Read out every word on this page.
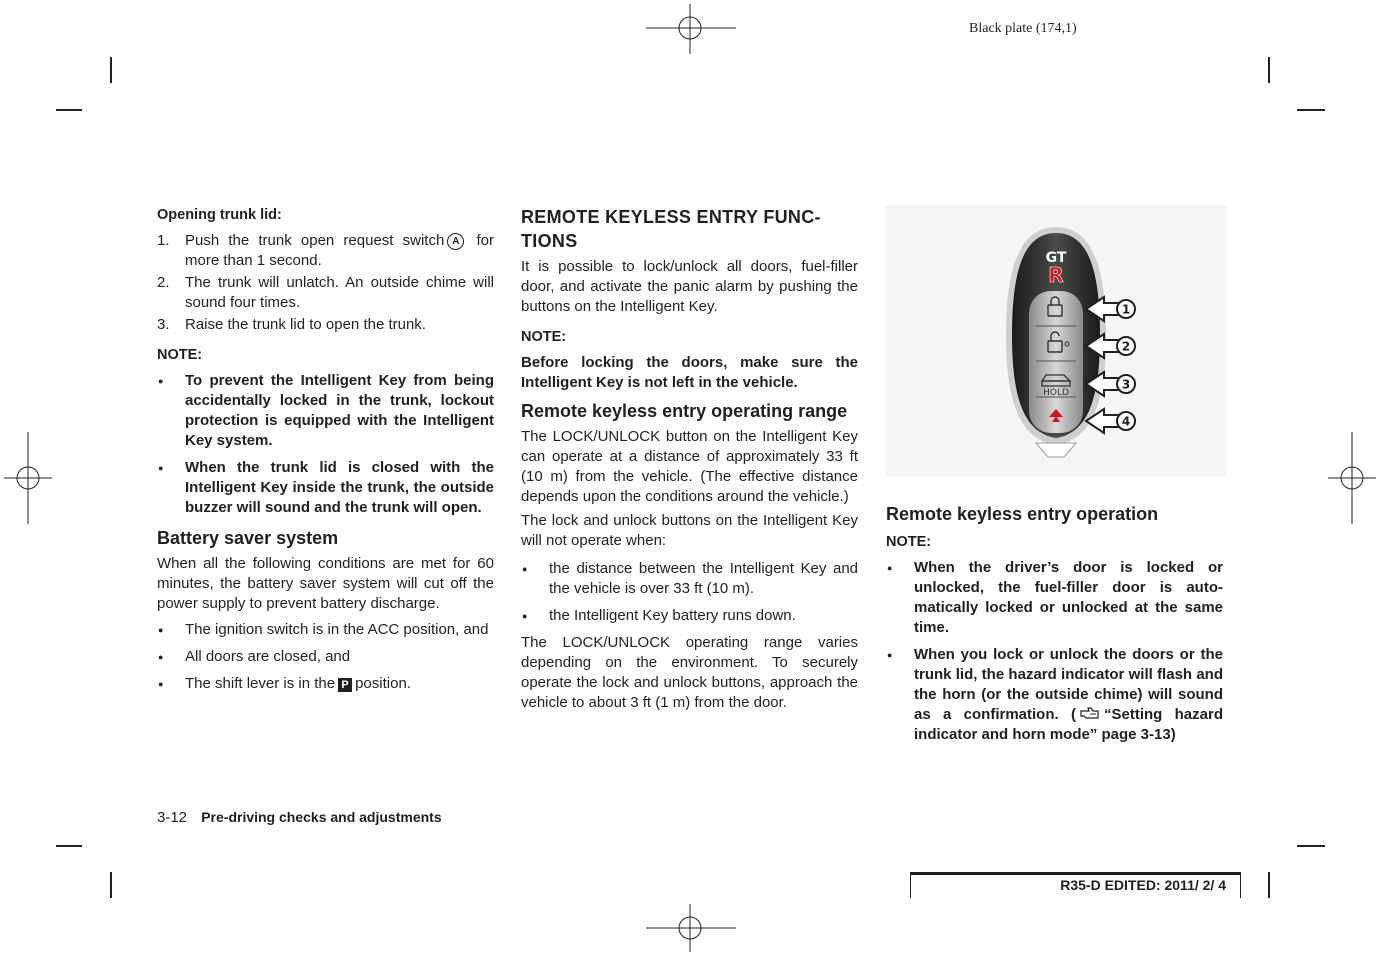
Black plate (174,1)
Opening trunk lid:
1. Push the trunk open request switch A for more than 1 second.
2. The trunk will unlatch. An outside chime will sound four times.
3. Raise the trunk lid to open the trunk.
NOTE:
● To prevent the Intelligent Key from being accidentally locked in the trunk, lockout protection is equipped with the Intelligent Key system.
● When the trunk lid is closed with the Intelligent Key inside the trunk, the outside buzzer will sound and the trunk will open.
Battery saver system

When all the following conditions are met for 60 minutes, the battery saver system will cut off the power supply to prevent battery discharge.

● The ignition switch is in the ACC position, and
● All doors are closed, and
● The shift lever is in the P position.
REMOTE KEYLESS ENTRY FUNC-
TIONS

It is possible to lock/unlock all doors, fuel-filler door, and activate the panic alarm by pushing the buttons on the Intelligent Key.

NOTE:

Before locking the doors, make sure the Intelligent Key is not left in the vehicle.

Remote keyless entry operating range

The LOCK/UNLOCK button on the Intelligent Key can operate at a distance of approximately 33 ft (10 m) from the vehicle. (The effective distance depends upon the conditions around the vehicle.)

The lock and unlock buttons on the Intelligent Key will not operate when:

● the distance between the Intelligent Key and the vehicle is over 33 ft (10 m).
● the Intelligent Key battery runs down.

The LOCK/UNLOCK operating range varies depending on the environment. To securely operate the lock and unlock buttons, approach the vehicle to about 3 ft (1 m) from the door.

GT
R
HOLD
1
2
3
4
Remote keyless entry operation
NOTE:
● When the driver’s door is locked or unlocked, the fuel-filler door is auto-matically locked or unlocked at the same time.
● When you lock or unlock the doors or the trunk lid, the hazard indicator will flash and the horn (or the outside chime) will sound as a confirmation. ( “Setting hazard indicator and horn mode” page 3-13)
3-12 Pre-driving checks and adjustments
R35-D EDITED: 2011/ 2/ 4
